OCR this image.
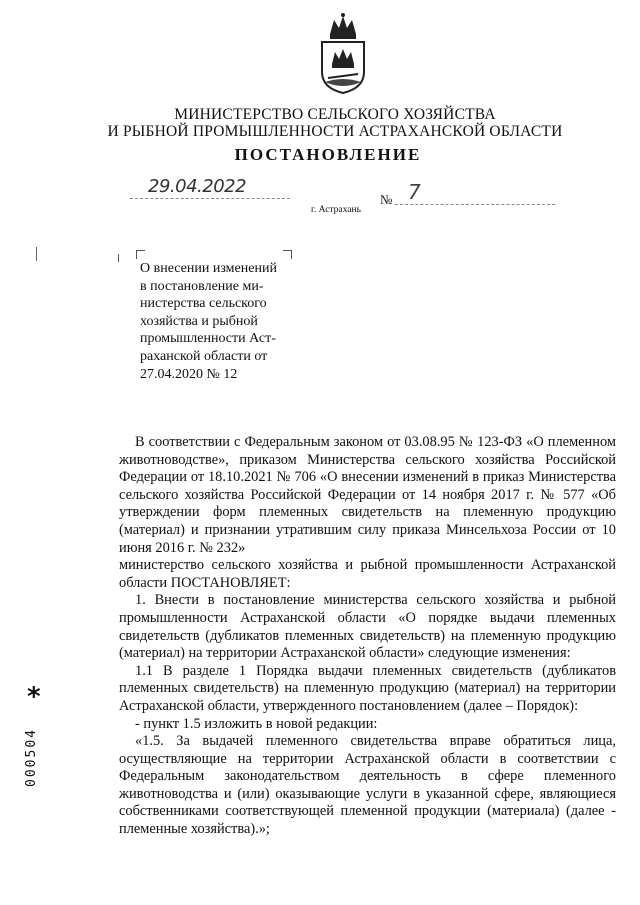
МИНИСТЕРСТВО СЕЛЬСКОГО ХОЗЯЙСТВА
И РЫБНОЙ ПРОМЫШЛЕННОСТИ АСТРАХАНСКОЙ ОБЛАСТИ
ПОСТАНОВЛЕНИЕ
29.04.2022
№ 7
г. Астрахань
О внесении изменений
в постановление ми-
нистерства сельского
хозяйства и рыбной
промышленности Аст-
раханской области от
27.04.2020 № 12
В соответствии с Федеральным законом от 03.08.95 № 123-ФЗ «О племенном животноводстве», приказом Министерства сельского хозяйства Российской Федерации от 18.10.2021 № 706 «О внесении изменений в приказ Министерства сельского хозяйства Российской Федерации от 14 ноября 2017 г. № 577 «Об утверждении форм племенных свидетельств на племенную продукцию (материал) и признании утратившим силу приказа Минсельхоза России от 10 июня 2016 г. № 232»
министерство сельского хозяйства и рыбной промышленности Астраханской области ПОСТАНОВЛЯЕТ:
1. Внести в постановление министерства сельского хозяйства и рыбной промышленности Астраханской области «О порядке выдачи племенных свидетельств (дубликатов племенных свидетельств) на племенную продукцию (материал) на территории Астраханской области» следующие изменения:
1.1 В разделе 1 Порядка выдачи племенных свидетельств (дубликатов племенных свидетельств) на племенную продукцию (материал) на территории Астраханской области, утвержденного постановлением (далее – Порядок):
- пункт 1.5 изложить в новой редакции:
«1.5. За выдачей племенного свидетельства вправе обратиться лица, осуществляющие на территории Астраханской области в соответствии с Федеральным законодательством деятельность в сфере племенного животноводства и (или) оказывающие услуги в указанной сфере, являющиеся собственниками соответствующей племенной продукции (материала) (далее - племенные хозяйства).»;
*
000504
